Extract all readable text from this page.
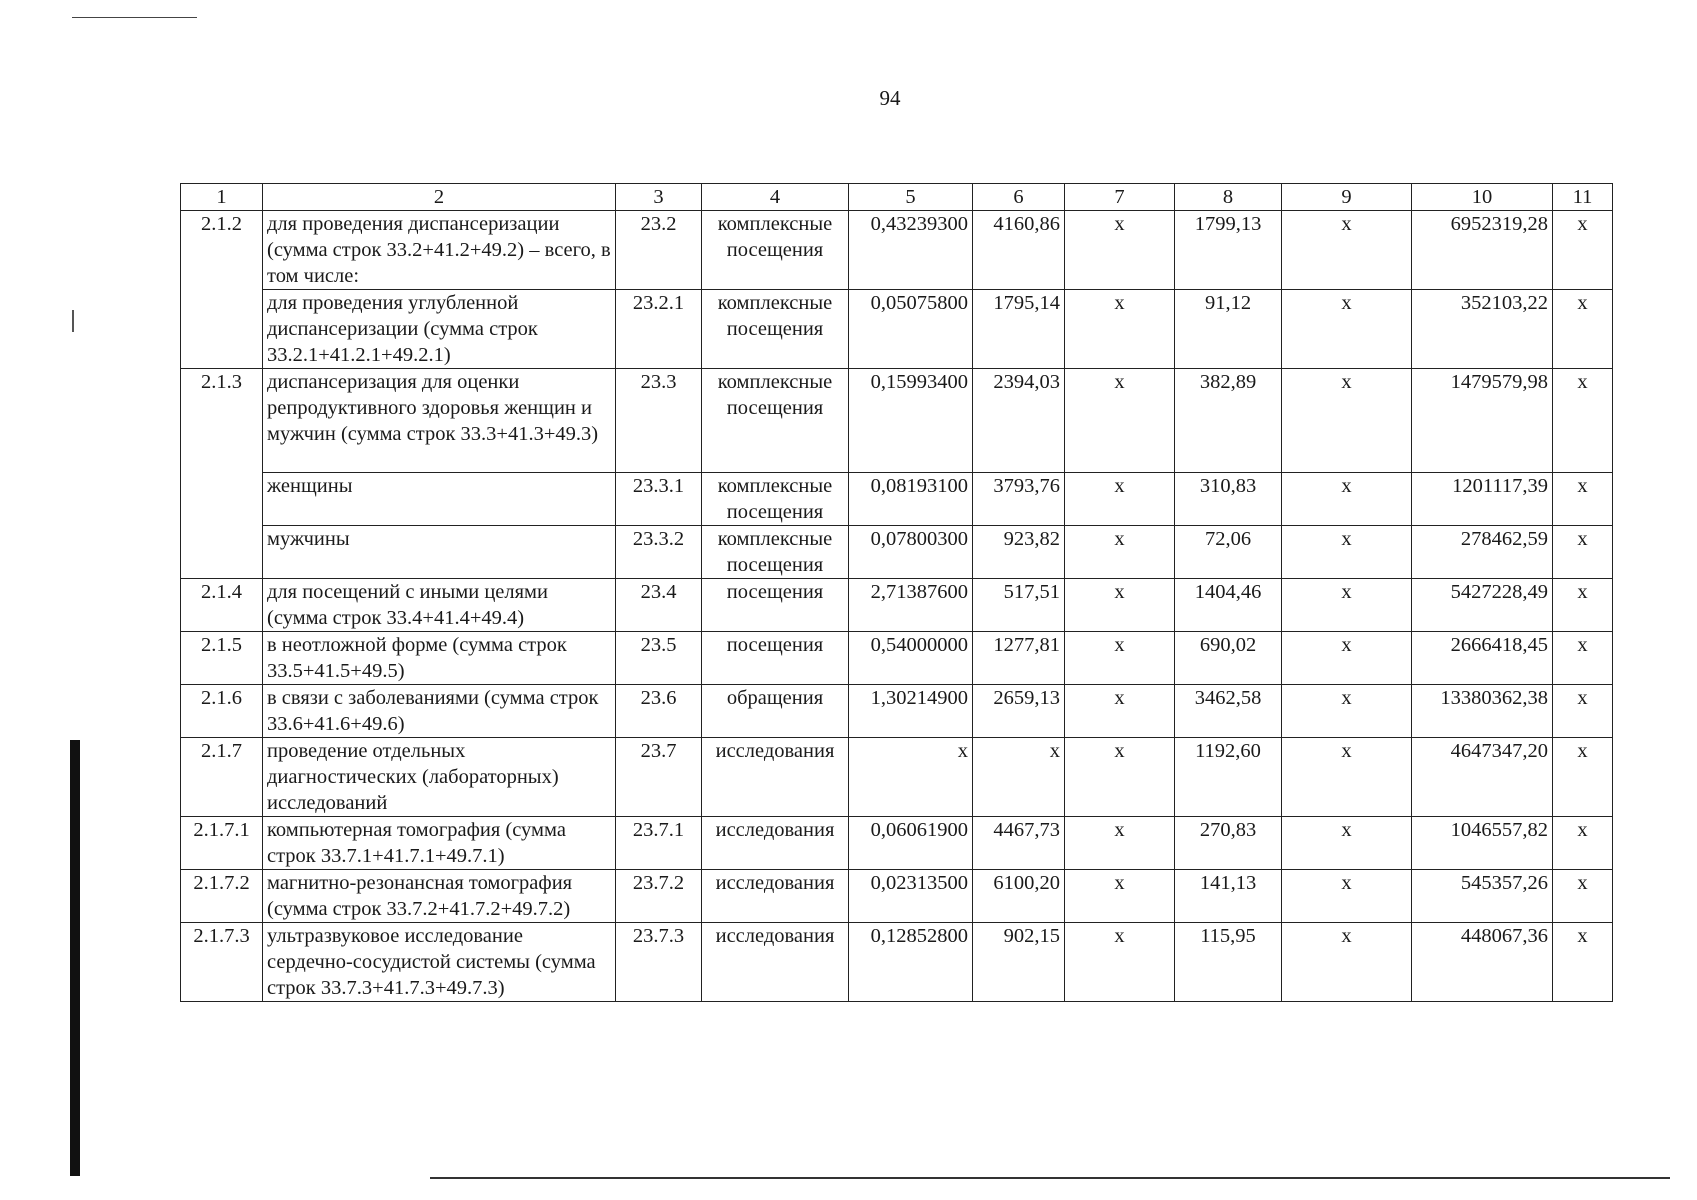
94
1	2	3	4	5	6	7	8	9	10	11
2.1.2	для проведения диспансеризации (сумма строк 33.2+41.2+49.2) – всего, в том числе:	23.2	комплексные посещения	0,43239300	4160,86	х	1799,13	х	6952319,28	х
	для проведения углубленной диспансеризации (сумма строк 33.2.1+41.2.1+49.2.1)	23.2.1	комплексные посещения	0,05075800	1795,14	х	91,12	х	352103,22	х
2.1.3	диспансеризация для оценки репродуктивного здоровья женщин и мужчин (сумма строк 33.3+41.3+49.3)	23.3	комплексные посещения	0,15993400	2394,03	х	382,89	х	1479579,98	х
	женщины	23.3.1	комплексные посещения	0,08193100	3793,76	х	310,83	х	1201117,39	х
	мужчины	23.3.2	комплексные посещения	0,07800300	923,82	х	72,06	х	278462,59	х
2.1.4	для посещений с иными целями (сумма строк 33.4+41.4+49.4)	23.4	посещения	2,71387600	517,51	х	1404,46	х	5427228,49	х
2.1.5	в неотложной форме (сумма строк 33.5+41.5+49.5)	23.5	посещения	0,54000000	1277,81	х	690,02	х	2666418,45	х
2.1.6	в связи с заболеваниями (сумма строк 33.6+41.6+49.6)	23.6	обращения	1,30214900	2659,13	х	3462,58	х	13380362,38	х
2.1.7	проведение отдельных диагностических (лабораторных) исследований	23.7	исследования	х	х	х	1192,60	х	4647347,20	х
2.1.7.1	компьютерная томография (сумма строк 33.7.1+41.7.1+49.7.1)	23.7.1	исследования	0,06061900	4467,73	х	270,83	х	1046557,82	х
2.1.7.2	магнитно-резонансная томография (сумма строк 33.7.2+41.7.2+49.7.2)	23.7.2	исследования	0,02313500	6100,20	х	141,13	х	545357,26	х
2.1.7.3	ультразвуковое исследование сердечно-сосудистой системы (сумма строк 33.7.3+41.7.3+49.7.3)	23.7.3	исследования	0,12852800	902,15	х	115,95	х	448067,36	х
